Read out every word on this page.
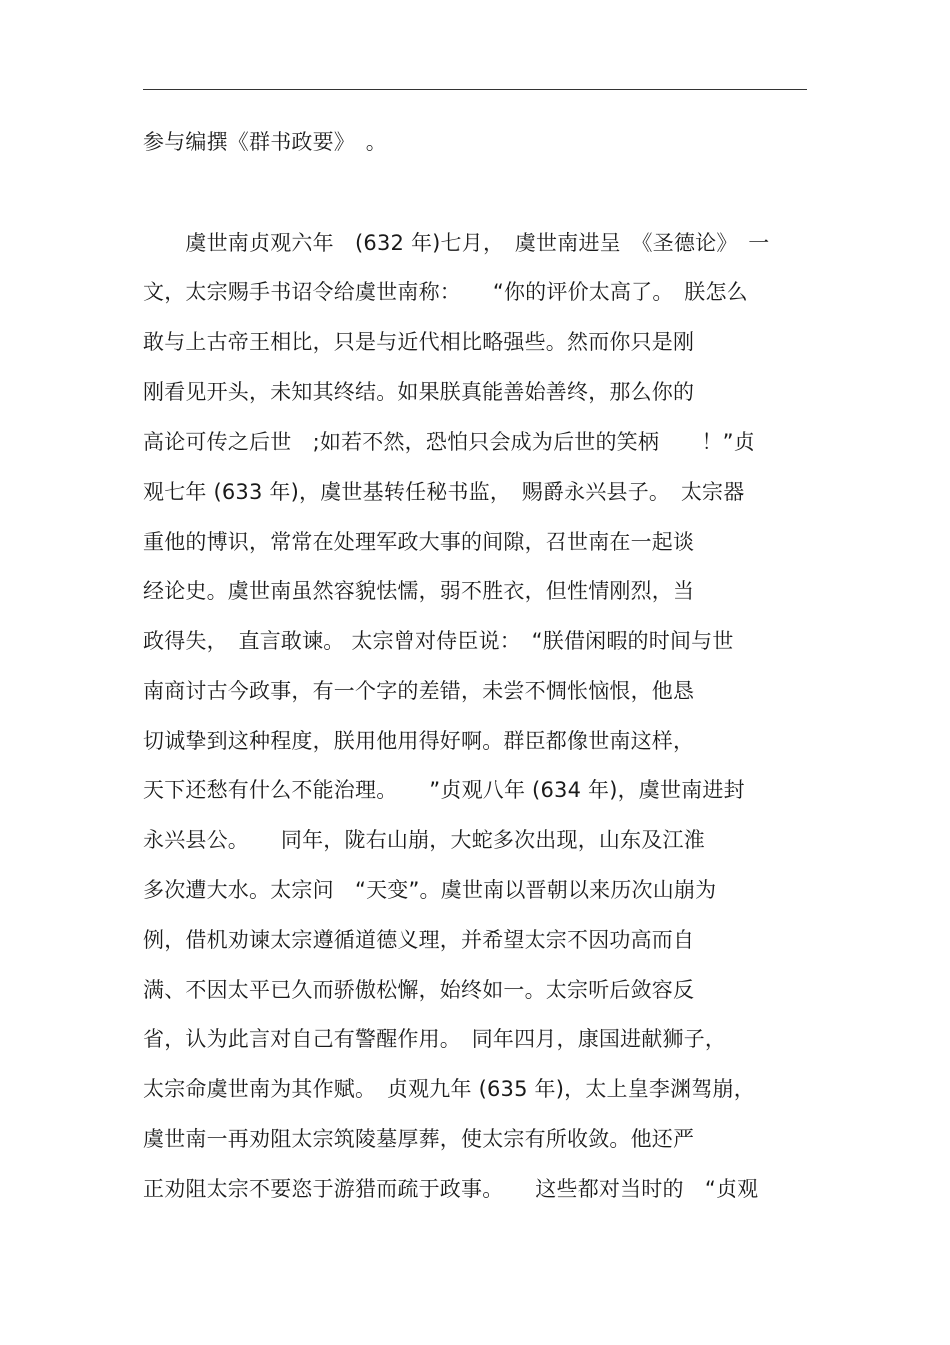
参与编撰《群书政要》　。
　　虞世南贞观六年　(632 年)七月，　虞世南进呈　《圣德论》　一
文，太宗赐手书诏令给虞世南称：　　“你的评价太高了。　朕怎么
敢与上古帝王相比，只是与近代相比略强些。然而你只是刚
刚看见开头，未知其终结。如果朕真能善始善终，那么你的
高论可传之后世　;如若不然，恐怕只会成为后世的笑柄　　！”贞
观七年 (633 年)，虞世基转任秘书监，　赐爵永兴县子。　太宗器
重他的博识，常常在处理军政大事的间隙，召世南在一起谈
经论史。虞世南虽然容貌怯懦，弱不胜衣，但性情刚烈，当
政得失，　直言敢谏。 太宗曾对侍臣说：　“朕借闲暇的时间与世
南商讨古今政事，有一个字的差错，未尝不惆怅恼恨，他恳
切诚挚到这种程度，朕用他用得好啊。群臣都像世南这样，
天下还愁有什么不能治理。　　”贞观八年 (634 年)，虞世南进封
永兴县公。　　同年，陇右山崩，大蛇多次出现，山东及江淮
多次遭大水。太宗问　“天变”。虞世南以晋朝以来历次山崩为
例，借机劝谏太宗遵循道德义理，并希望太宗不因功高而自
满、不因太平已久而骄傲松懈，始终如一。太宗听后敛容反
省，认为此言对自己有警醒作用。　同年四月，康国进献狮子，
太宗命虞世南为其作赋。　贞观九年 (635 年)，太上皇李渊驾崩，
虞世南一再劝阻太宗筑陵墓厚葬，使太宗有所收敛。他还严
正劝阻太宗不要恣于游猎而疏于政事。　　这些都对当时的　“贞观
